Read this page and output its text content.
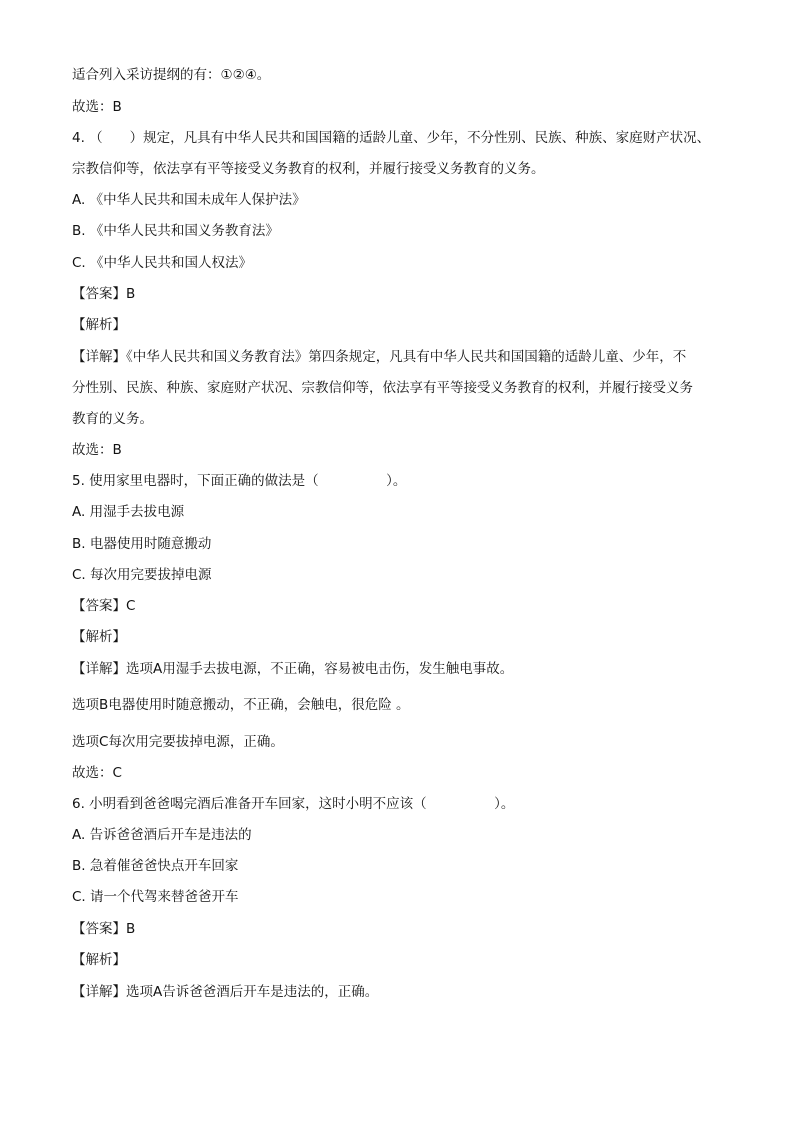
适合列入采访提纲的有：①②④。
故选：B
4. （　　）规定，凡具有中华人民共和国国籍的适龄儿童、少年，不分性别、民族、种族、家庭财产状况、
宗教信仰等，依法享有平等接受义务教育的权利，并履行接受义务教育的义务。
A. 《中华人民共和国未成年人保护法》
B. 《中华人民共和国义务教育法》
C. 《中华人民共和国人权法》
【答案】B
【解析】
【详解】《中华人民共和国义务教育法》第四条规定，凡具有中华人民共和国国籍的适龄儿童、少年，不
分性别、民族、种族、家庭财产状况、宗教信仰等，依法享有平等接受义务教育的权利，并履行接受义务
教育的义务。
故选：B
5. 使用家里电器时，下面正确的做法是（　　　　　）。
A. 用湿手去拔电源
B. 电器使用时随意搬动
C. 每次用完要拔掉电源
【答案】C
【解析】
【详解】选项A用湿手去拔电源，不正确，容易被电击伤，发生触电事故。
选项B电器使用时随意搬动，不正确，会触电，很危险 。
选项C每次用完要拔掉电源，正确。
故选：C
6. 小明看到爸爸喝完酒后准备开车回家，这时小明不应该（　　　　　）。
A. 告诉爸爸酒后开车是违法的
B. 急着催爸爸快点开车回家
C. 请一个代驾来替爸爸开车
【答案】B
【解析】
【详解】选项A告诉爸爸酒后开车是违法的，正确。
